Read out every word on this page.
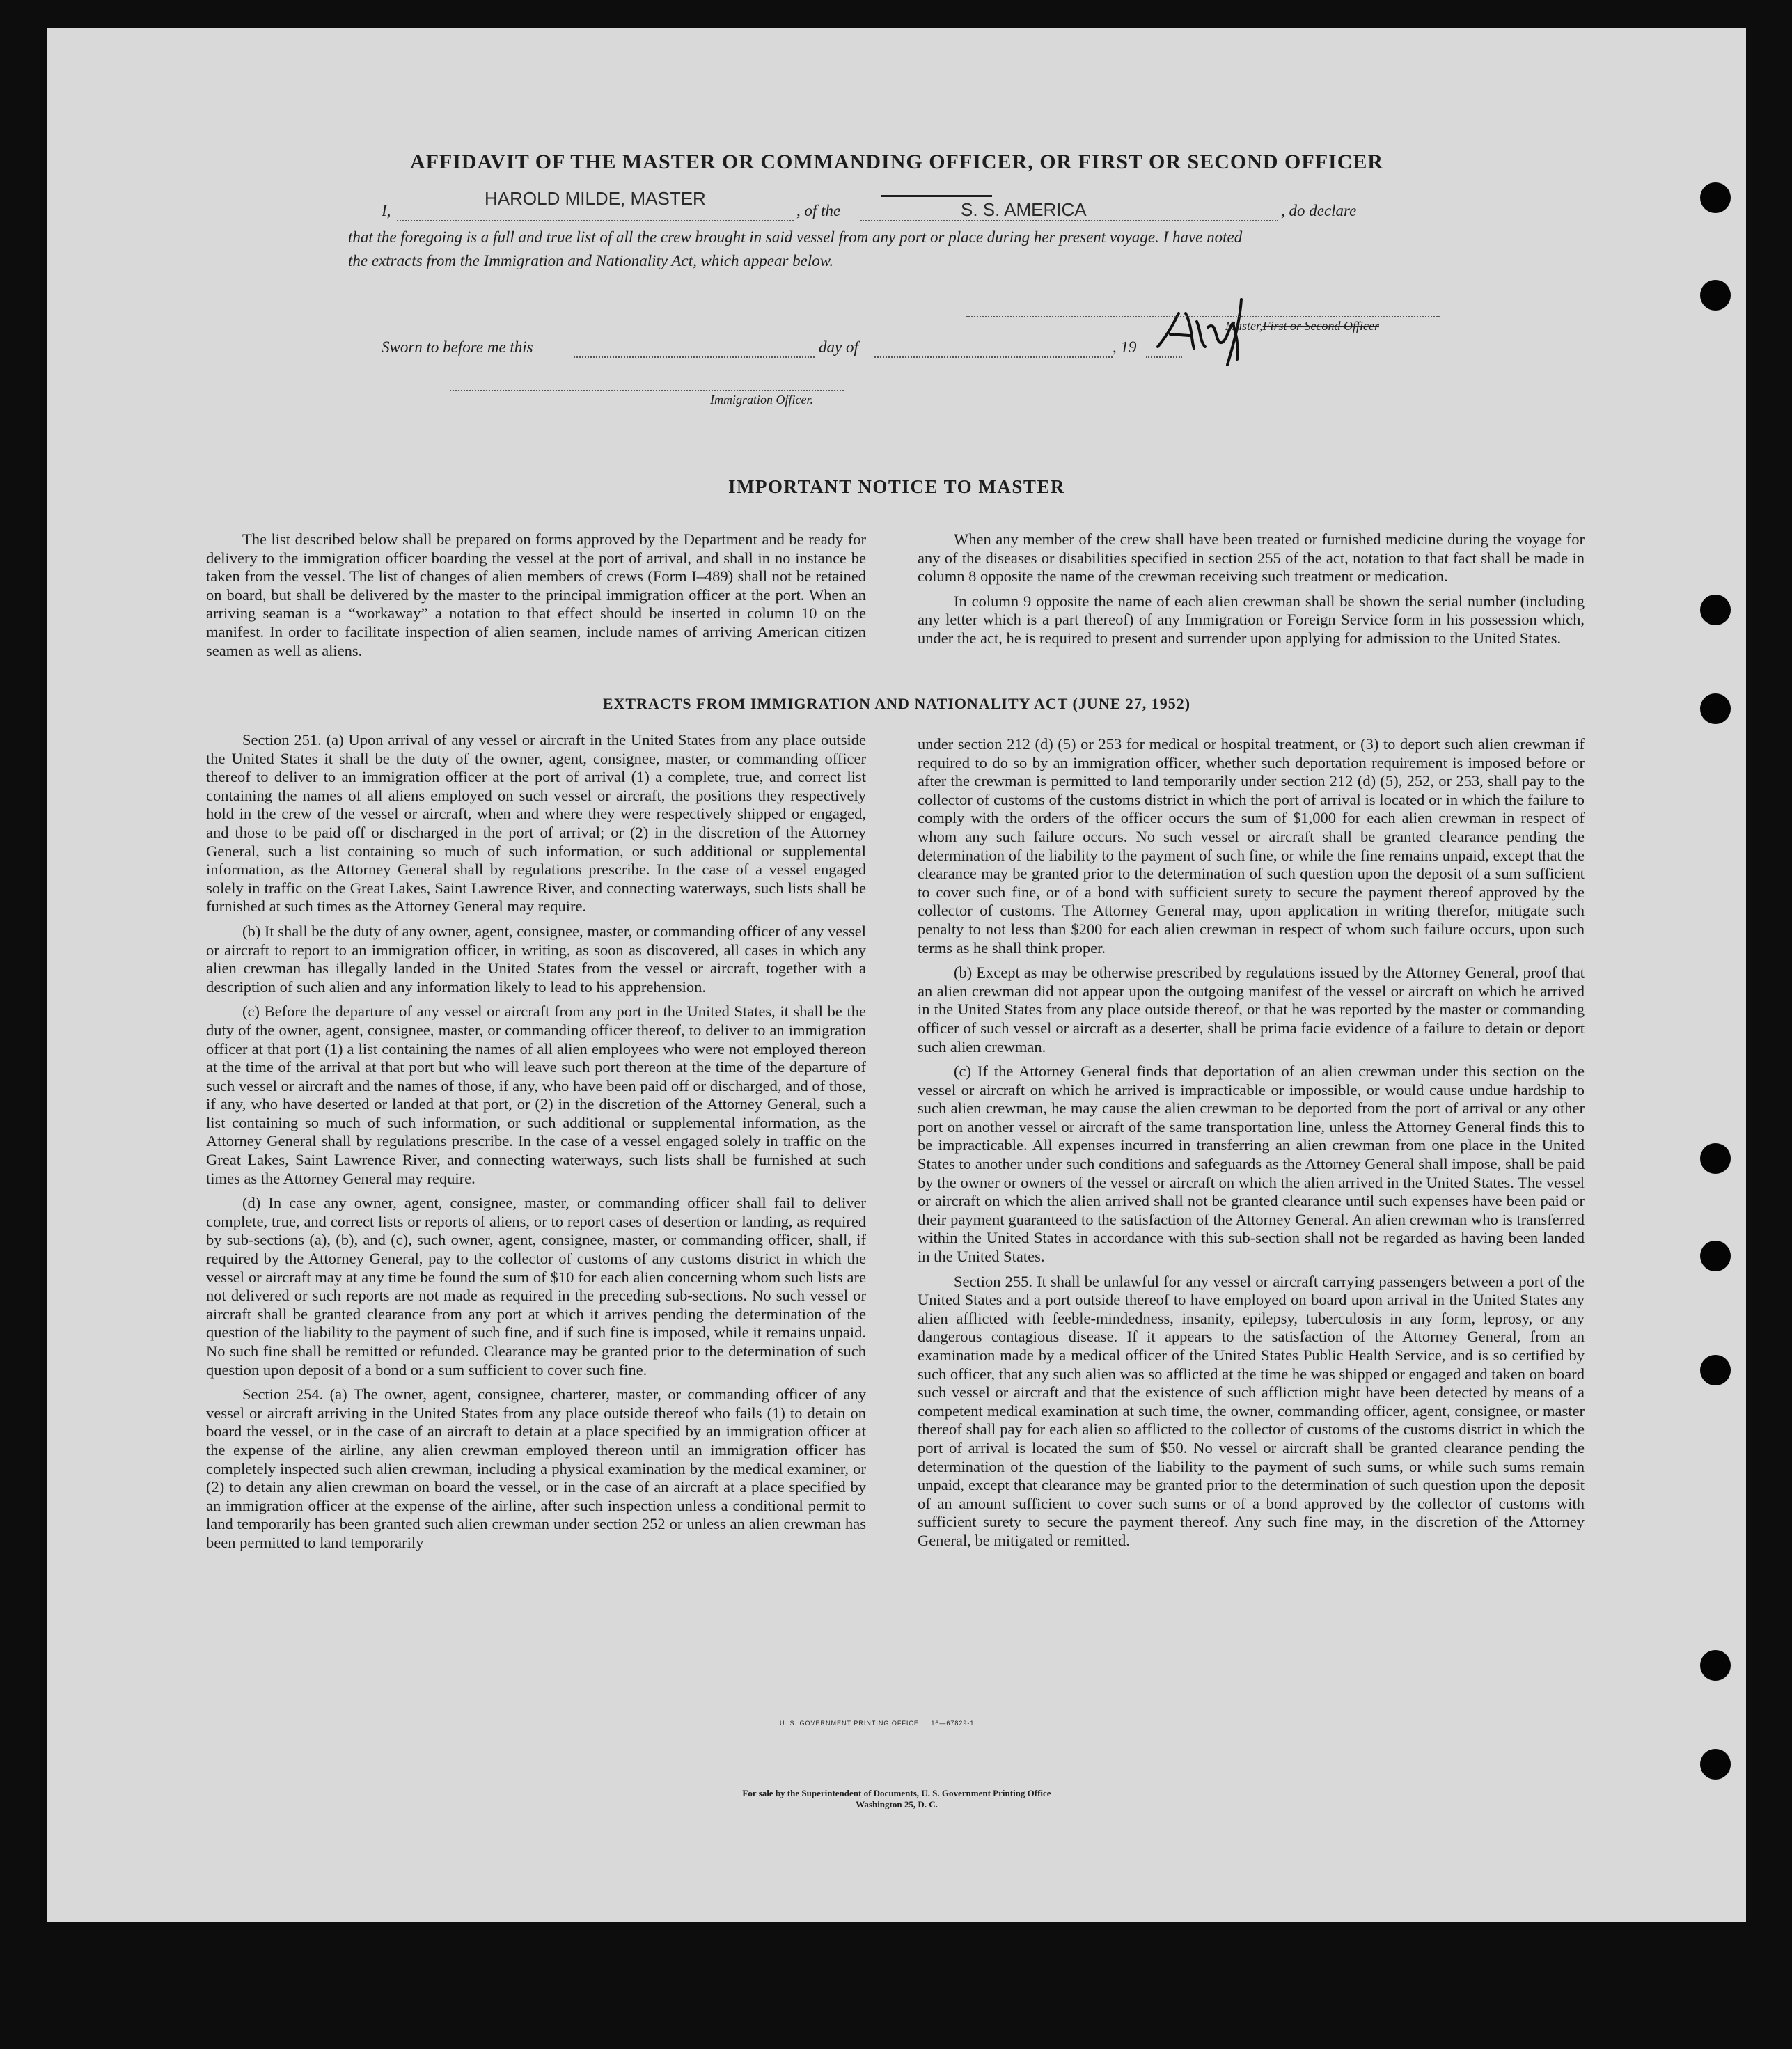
AFFIDAVIT OF THE MASTER OR COMMANDING OFFICER, OR FIRST OR SECOND OFFICER
I,
HAROLD MILDE, MASTER
, of the	S. S. AMERICA	, do declare
that the foregoing is a full and true list of all the crew brought in said vessel from any port or place during her present voyage. I have noted
the extracts from the Immigration and Nationality Act, which appear below.
Master,First or Second Officer
Sworn to before me this	day of	, 19
Immigration Officer.
IMPORTANT NOTICE TO MASTER

The list described below shall be prepared on forms approved by the Department and be ready for delivery to the immigration officer boarding the vessel at the port of arrival, and shall in no instance be taken from the vessel. The list of changes of alien members of crews (Form I–489) shall not be retained on board, but shall be delivered by the master to the principal immigration officer at the port. When an arriving seaman is a “workaway” a notation to that effect should be inserted in column 10 on the manifest. In order to facilitate inspection of alien seamen, include names of arriving American citizen seamen as well as aliens.

When any member of the crew shall have been treated or furnished medicine during the voyage for any of the diseases or disabilities specified in section 255 of the act, notation to that fact shall be made in column 8 opposite the name of the crewman receiving such treatment or medication.

In column 9 opposite the name of each alien crewman shall be shown the serial number (including any letter which is a part thereof) of any Immigration or Foreign Service form in his possession which, under the act, he is required to present and surrender upon applying for admission to the United States.

EXTRACTS FROM IMMIGRATION AND NATIONALITY ACT (JUNE 27, 1952)

Section 251. (a) Upon arrival of any vessel or aircraft in the United States from any place outside the United States it shall be the duty of the owner, agent, consignee, master, or commanding officer thereof to deliver to an immigration officer at the port of arrival (1) a complete, true, and correct list containing the names of all aliens employed on such vessel or aircraft, the positions they respectively hold in the crew of the vessel or aircraft, when and where they were respectively shipped or engaged, and those to be paid off or discharged in the port of arrival; or (2) in the discretion of the Attorney General, such a list containing so much of such information, or such additional or supplemental information, as the Attorney General shall by regulations prescribe. In the case of a vessel engaged solely in traffic on the Great Lakes, Saint Lawrence River, and connecting waterways, such lists shall be furnished at such times as the Attorney General may require.

(b) It shall be the duty of any owner, agent, consignee, master, or commanding officer of any vessel or aircraft to report to an immigration officer, in writing, as soon as discovered, all cases in which any alien crewman has illegally landed in the United States from the vessel or aircraft, together with a description of such alien and any information likely to lead to his apprehension.

(c) Before the departure of any vessel or aircraft from any port in the United States, it shall be the duty of the owner, agent, consignee, master, or commanding officer thereof, to deliver to an immigration officer at that port (1) a list containing the names of all alien employees who were not employed thereon at the time of the arrival at that port but who will leave such port thereon at the time of the departure of such vessel or aircraft and the names of those, if any, who have been paid off or discharged, and of those, if any, who have deserted or landed at that port, or (2) in the discretion of the Attorney General, such a list containing so much of such information, or such additional or supplemental information, as the Attorney General shall by regulations prescribe. In the case of a vessel engaged solely in traffic on the Great Lakes, Saint Lawrence River, and connecting waterways, such lists shall be furnished at such times as the Attorney General may require.

(d) In case any owner, agent, consignee, master, or commanding officer shall fail to deliver complete, true, and correct lists or reports of aliens, or to report cases of desertion or landing, as required by sub-sections (a), (b), and (c), such owner, agent, consignee, master, or commanding officer, shall, if required by the Attorney General, pay to the collector of customs of any customs district in which the vessel or aircraft may at any time be found the sum of $10 for each alien concerning whom such lists are not delivered or such reports are not made as required in the preceding sub-sections. No such vessel or aircraft shall be granted clearance from any port at which it arrives pending the determination of the question of the liability to the payment of such fine, and if such fine is imposed, while it remains unpaid. No such fine shall be remitted or refunded. Clearance may be granted prior to the determination of such question upon deposit of a bond or a sum sufficient to cover such fine.

Section 254. (a) The owner, agent, consignee, charterer, master, or commanding officer of any vessel or aircraft arriving in the United States from any place outside thereof who fails (1) to detain on board the vessel, or in the case of an aircraft to detain at a place specified by an immigration officer at the expense of the airline, any alien crewman employed thereon until an immigration officer has completely inspected such alien crewman, including a physical examination by the medical examiner, or (2) to detain any alien crewman on board the vessel, or in the case of an aircraft at a place specified by an immigration officer at the expense of the airline, after such inspection unless a conditional permit to land temporarily has been granted such alien crewman under section 252 or unless an alien crewman has been permitted to land temporarily

under section 212 (d) (5) or 253 for medical or hospital treatment, or (3) to deport such alien crewman if required to do so by an immigration officer, whether such deportation requirement is imposed before or after the crewman is permitted to land temporarily under section 212 (d) (5), 252, or 253, shall pay to the collector of customs of the customs district in which the port of arrival is located or in which the failure to comply with the orders of the officer occurs the sum of $1,000 for each alien crewman in respect of whom any such failure occurs. No such vessel or aircraft shall be granted clearance pending the determination of the liability to the payment of such fine, or while the fine remains unpaid, except that the clearance may be granted prior to the determination of such question upon the deposit of a sum sufficient to cover such fine, or of a bond with sufficient surety to secure the payment thereof approved by the collector of customs. The Attorney General may, upon application in writing therefor, mitigate such penalty to not less than $200 for each alien crewman in respect of whom such failure occurs, upon such terms as he shall think proper.

(b) Except as may be otherwise prescribed by regulations issued by the Attorney General, proof that an alien crewman did not appear upon the outgoing manifest of the vessel or aircraft on which he arrived in the United States from any place outside thereof, or that he was reported by the master or commanding officer of such vessel or aircraft as a deserter, shall be prima facie evidence of a failure to detain or deport such alien crewman.

(c) If the Attorney General finds that deportation of an alien crewman under this section on the vessel or aircraft on which he arrived is impracticable or impossible, or would cause undue hardship to such alien crewman, he may cause the alien crewman to be deported from the port of arrival or any other port on another vessel or aircraft of the same transportation line, unless the Attorney General finds this to be impracticable. All expenses incurred in transferring an alien crewman from one place in the United States to another under such conditions and safeguards as the Attorney General shall impose, shall be paid by the owner or owners of the vessel or aircraft on which the alien arrived in the United States. The vessel or aircraft on which the alien arrived shall not be granted clearance until such expenses have been paid or their payment guaranteed to the satisfaction of the Attorney General. An alien crewman who is transferred within the United States in accordance with this sub-section shall not be regarded as having been landed in the United States.

Section 255. It shall be unlawful for any vessel or aircraft carrying passengers between a port of the United States and a port outside thereof to have employed on board upon arrival in the United States any alien afflicted with feeble-mindedness, insanity, epilepsy, tuberculosis in any form, leprosy, or any dangerous contagious disease. If it appears to the satisfaction of the Attorney General, from an examination made by a medical officer of the United States Public Health Service, and is so certified by such officer, that any such alien was so afflicted at the time he was shipped or engaged and taken on board such vessel or aircraft and that the existence of such affliction might have been detected by means of a competent medical examination at such time, the owner, commanding officer, agent, consignee, or master thereof shall pay for each alien so afflicted to the collector of customs of the customs district in which the port of arrival is located the sum of $50. No vessel or aircraft shall be granted clearance pending the determination of the question of the liability to the payment of such sums, or while such sums remain unpaid, except that clearance may be granted prior to the determination of such question upon the deposit of an amount sufficient to cover such sums or of a bond approved by the collector of customs with sufficient surety to secure the payment thereof. Any such fine may, in the discretion of the Attorney General, be mitigated or remitted.

U. S. GOVERNMENT PRINTING OFFICE     16—67829-1
For sale by the Superintendent of Documents, U. S. Government Printing Office
Washington 25, D. C.
